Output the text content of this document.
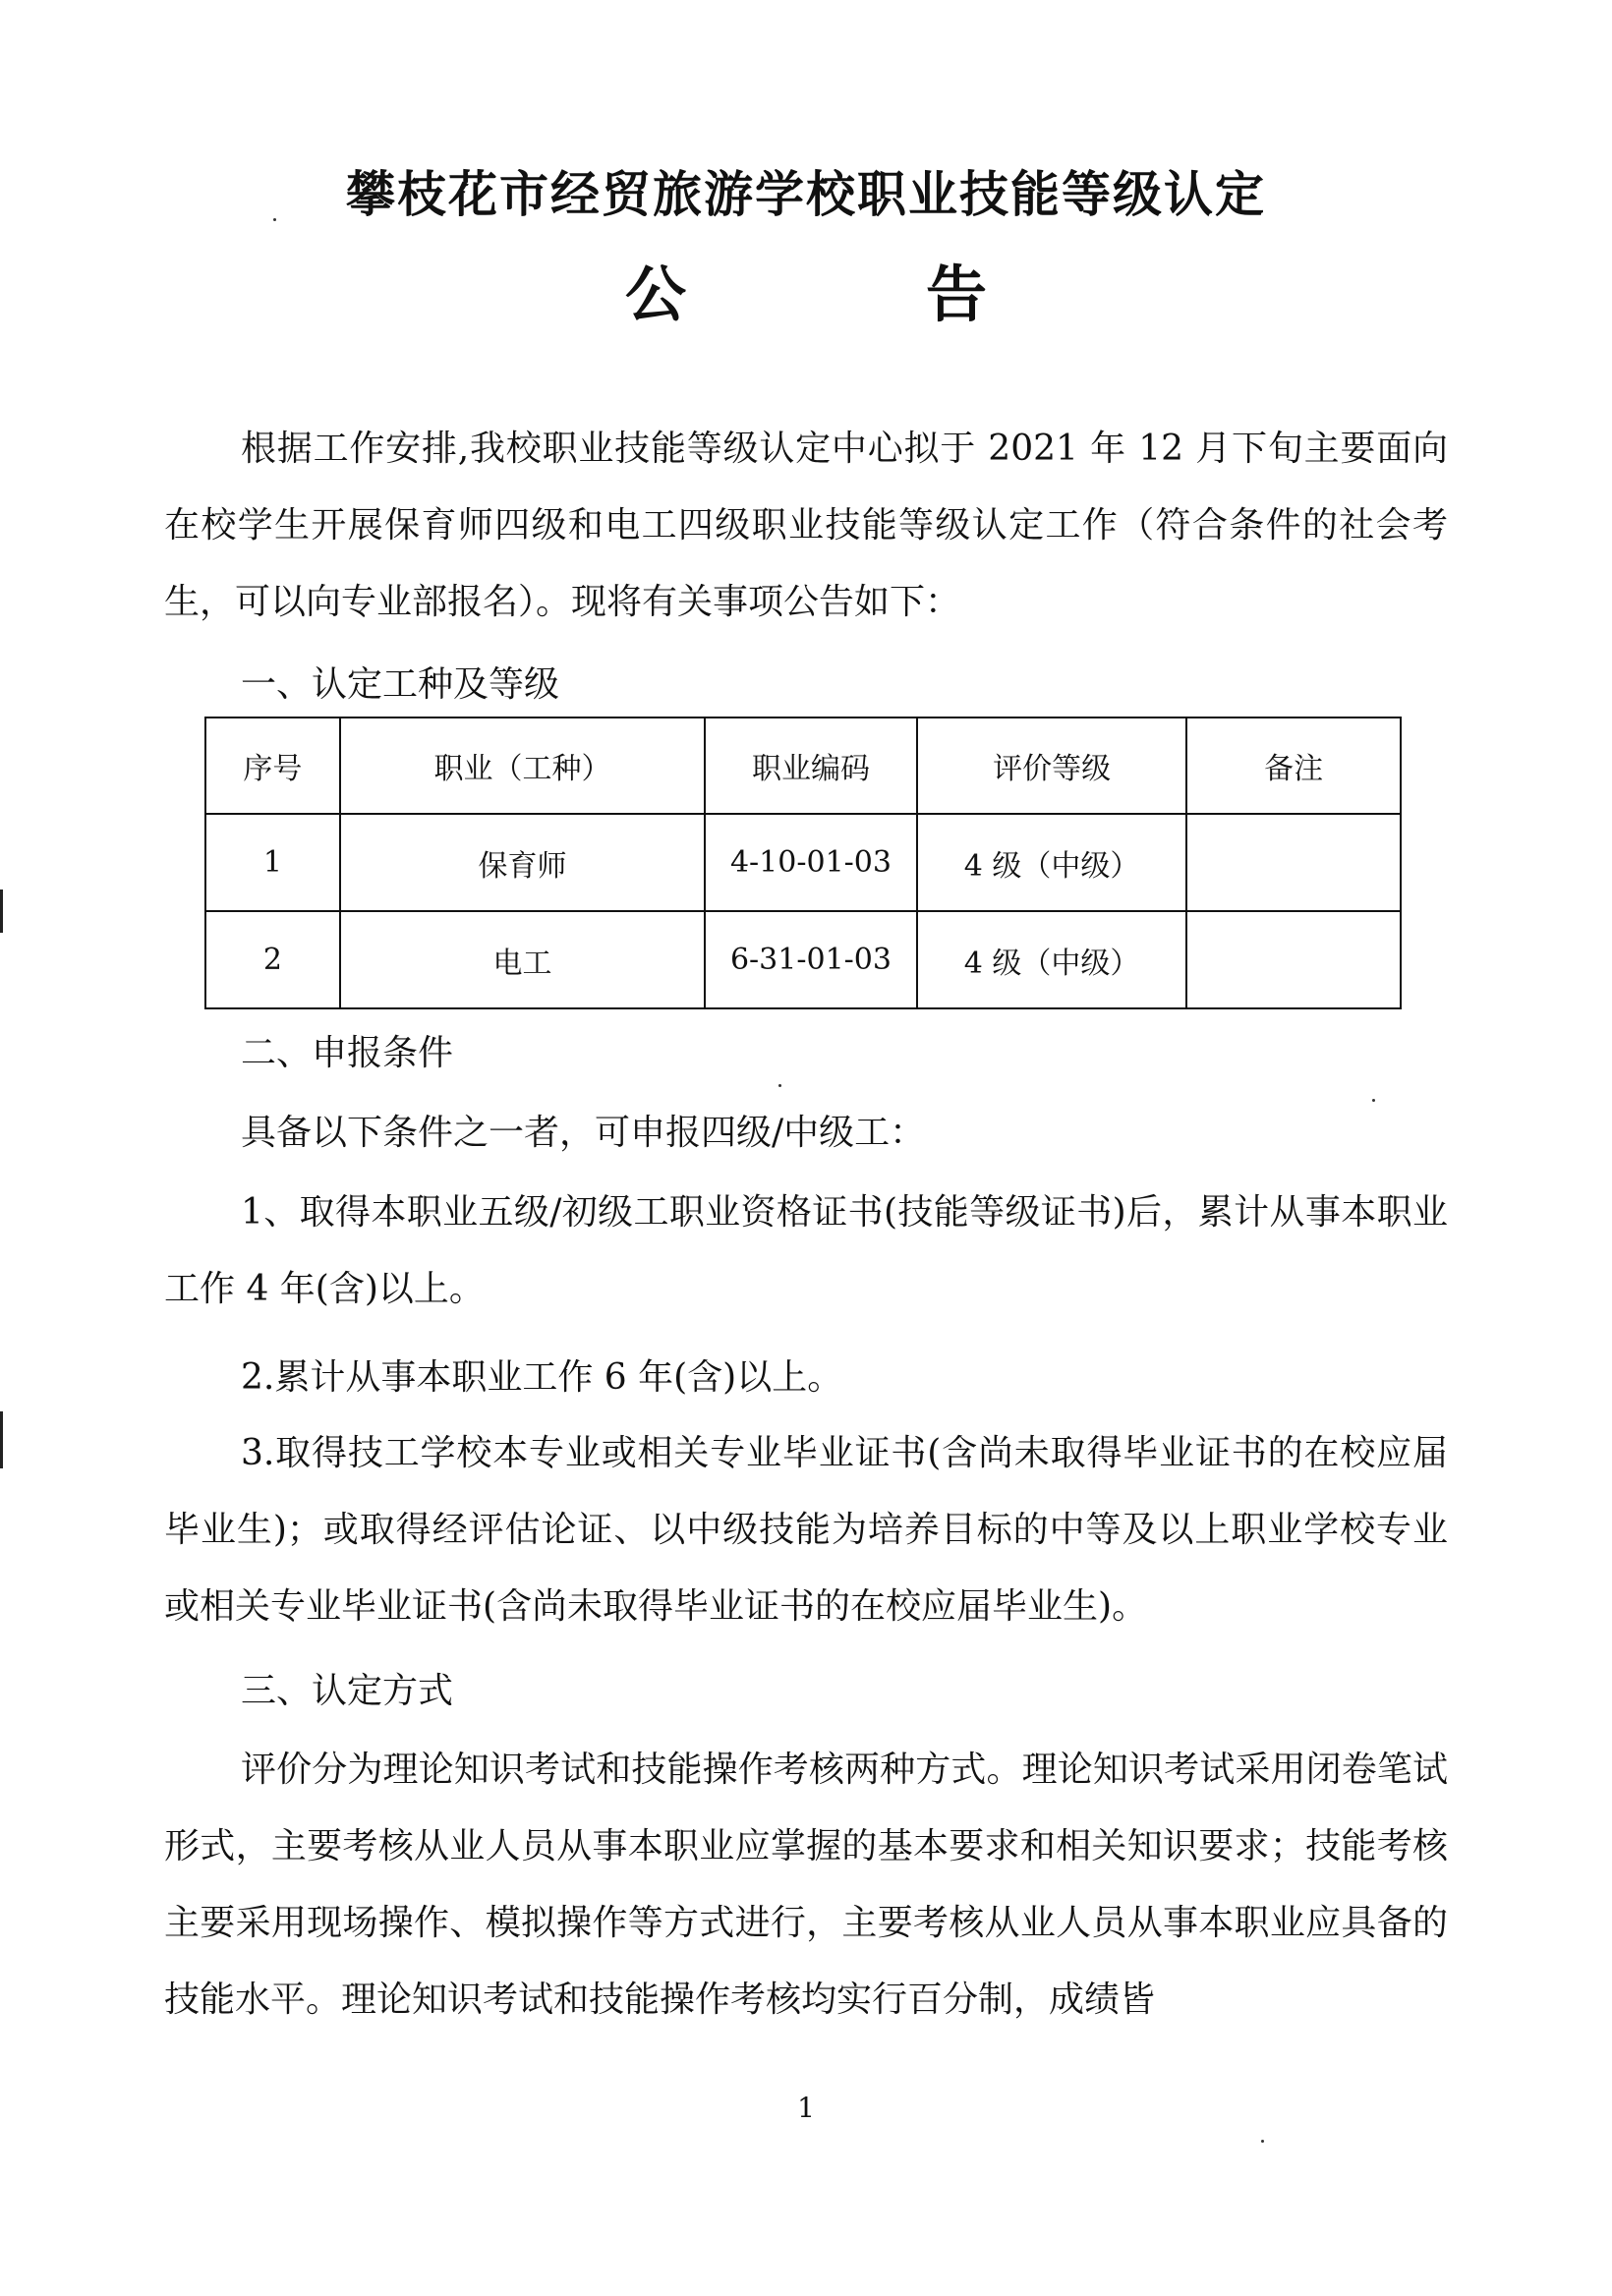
攀枝花市经贸旅游学校职业技能等级认定
公	告

根据工作安排,我校职业技能等级认定中心拟于 2021 年 12 月下旬主要面向在校学生开展保育师四级和电工四级职业技能等级认定工作（符合条件的社会考生，可以向专业部报名）。现将有关事项公告如下：

一、认定工种及等级

序号	职业（工种）	职业编码	评价等级	备注
1	保育师	4-10-01-03	4 级（中级）	
2	电工	6-31-01-03	4 级（中级）	

二、申报条件

具备以下条件之一者，可申报四级/中级工：

1、取得本职业五级/初级工职业资格证书(技能等级证书)后，累计从事本职业工作 4 年(含)以上。

2.累计从事本职业工作 6 年(含)以上。

3.取得技工学校本专业或相关专业毕业证书(含尚未取得毕业证书的在校应届毕业生)；或取得经评估论证、以中级技能为培养目标的中等及以上职业学校专业或相关专业毕业证书(含尚未取得毕业证书的在校应届毕业生)。

三、认定方式

评价分为理论知识考试和技能操作考核两种方式。理论知识考试采用闭卷笔试形式，主要考核从业人员从事本职业应掌握的基本要求和相关知识要求；技能考核主要采用现场操作、模拟操作等方式进行，主要考核从业人员从事本职业应具备的技能水平。理论知识考试和技能操作考核均实行百分制，成绩皆

1
